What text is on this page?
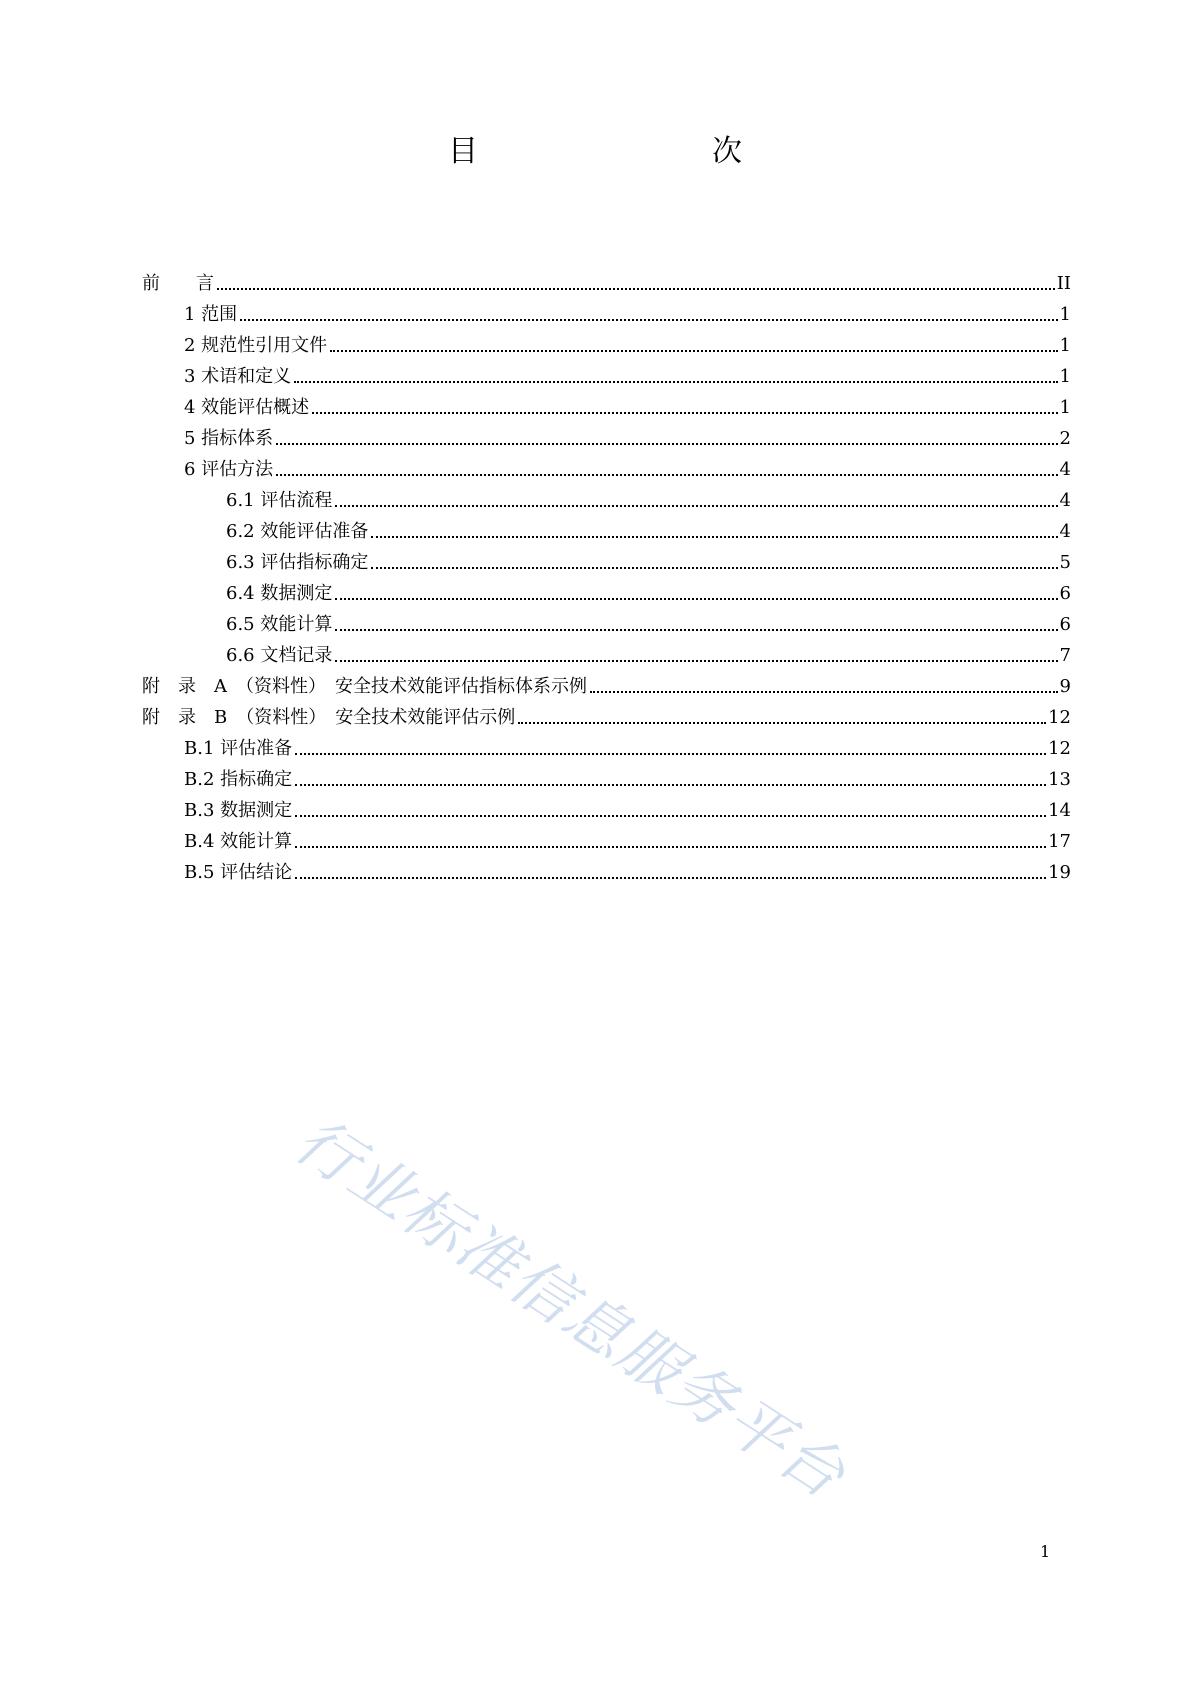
目　　次
前　　言	II
1 范围	1
2 规范性引用文件	1
3 术语和定义	1
4 效能评估概述	1
5 指标体系	2
6 评估方法	4
6.1 评估流程	4
6.2 效能评估准备	4
6.3 评估指标确定	5
6.4 数据测定	6
6.5 效能计算	6
6.6 文档记录	7
附　录　A　（资料性）　安全技术效能评估指标体系示例	9
附　录　B　（资料性）　安全技术效能评估示例	12
B.1 评估准备	12
B.2 指标确定	13
B.3 数据测定	14
B.4 效能计算	17
B.5 评估结论	19
行业标准信息服务平台
1
